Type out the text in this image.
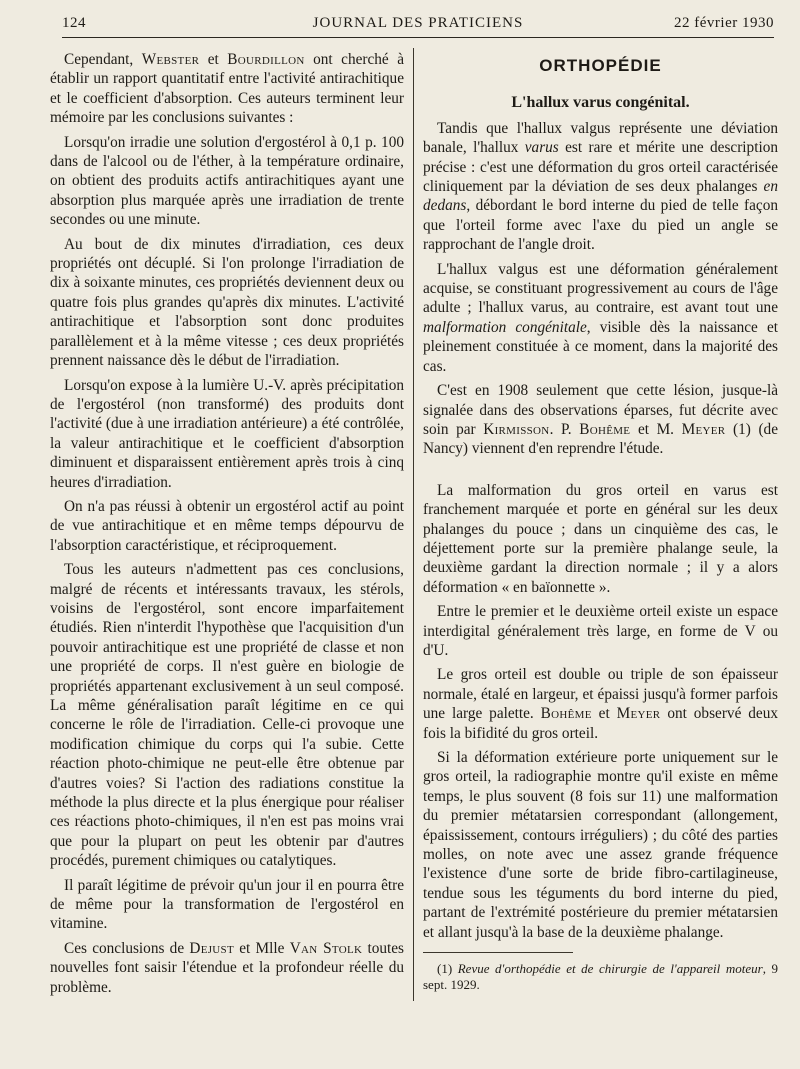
124	JOURNAL DES PRATICIENS	22 février 1930

Cependant, Webster et Bourdillon ont cherché à établir un rapport quantitatif entre l'activité antirachitique et le coefficient d'absorption. Ces auteurs terminent leur mémoire par les conclusions suivantes :

Lorsqu'on irradie une solution d'ergostérol à 0,1 p. 100 dans de l'alcool ou de l'éther, à la température ordinaire, on obtient des produits actifs antirachitiques ayant une absorption plus marquée après une irradiation de trente secondes ou une minute.

Au bout de dix minutes d'irradiation, ces deux propriétés ont décuplé. Si l'on prolonge l'irradiation de dix à soixante minutes, ces propriétés deviennent deux ou quatre fois plus grandes qu'après dix minutes. L'activité antirachitique et l'absorption sont donc produites parallèlement et à la même vitesse ; ces deux propriétés prennent naissance dès le début de l'irradiation.

Lorsqu'on expose à la lumière U.-V. après précipitation de l'ergostérol (non transformé) des produits dont l'activité (due à une irradiation antérieure) a été contrôlée, la valeur antirachitique et le coefficient d'absorption diminuent et disparaissent entièrement après trois à cinq heures d'irradiation.

On n'a pas réussi à obtenir un ergostérol actif au point de vue antirachitique et en même temps dépourvu de l'absorption caractéristique, et réciproquement.

Tous les auteurs n'admettent pas ces conclusions, malgré de récents et intéressants travaux, les stérols, voisins de l'ergostérol, sont encore imparfaitement étudiés. Rien n'interdit l'hypothèse que l'acquisition d'un pouvoir antirachitique est une propriété de classe et non une propriété de corps. Il n'est guère en biologie de propriétés appartenant exclusivement à un seul composé. La même généralisation paraît légitime en ce qui concerne le rôle de l'irradiation. Celle-ci provoque une modification chimique du corps qui l'a subie. Cette réaction photo-chimique ne peut-elle être obtenue par d'autres voies? Si l'action des radiations constitue la méthode la plus directe et la plus énergique pour réaliser ces réactions photo-chimiques, il n'en est pas moins vrai que pour la plupart on peut les obtenir par d'autres procédés, purement chimiques ou catalytiques.

Il paraît légitime de prévoir qu'un jour il en pourra être de même pour la transformation de l'ergostérol en vitamine.

Ces conclusions de Dejust et Mlle Van Stolk toutes nouvelles font saisir l'étendue et la profondeur réelle du problème.

ORTHOPÉDIE
L'hallux varus congénital.

Tandis que l'hallux valgus représente une déviation banale, l'hallux varus est rare et mérite une description précise : c'est une déformation du gros orteil caractérisée cliniquement par la déviation de ses deux phalanges en dedans, débordant le bord interne du pied de telle façon que l'orteil forme avec l'axe du pied un angle se rapprochant de l'angle droit.

L'hallux valgus est une déformation généralement acquise, se constituant progressivement au cours de l'âge adulte ; l'hallux varus, au contraire, est avant tout une malformation congénitale, visible dès la naissance et pleinement constituée à ce moment, dans la majorité des cas.

C'est en 1908 seulement que cette lésion, jusque-là signalée dans des observations éparses, fut décrite avec soin par Kirmisson. P. Bohême et M. Meyer (1) (de Nancy) viennent d'en reprendre l'étude.

La malformation du gros orteil en varus est franchement marquée et porte en général sur les deux phalanges du pouce ; dans un cinquième des cas, le déjettement porte sur la première phalange seule, la deuxième gardant la direction normale ; il y a alors déformation « en baïonnette ».

Entre le premier et le deuxième orteil existe un espace interdigital généralement très large, en forme de V ou d'U.

Le gros orteil est double ou triple de son épaisseur normale, étalé en largeur, et épaissi jusqu'à former parfois une large palette. Bohême et Meyer ont observé deux fois la bifidité du gros orteil.

Si la déformation extérieure porte uniquement sur le gros orteil, la radiographie montre qu'il existe en même temps, le plus souvent (8 fois sur 11) une malformation du premier métatarsien correspondant (allongement, épaississement, contours irréguliers) ; du côté des parties molles, on note avec une assez grande fréquence l'existence d'une sorte de bride fibro-cartilagineuse, tendue sous les téguments du bord interne du pied, partant de l'extrémité postérieure du premier métatarsien et allant jusqu'à la base de la deuxième phalange.

(1) Revue d'orthopédie et de chirurgie de l'appareil moteur, 9 sept. 1929.
